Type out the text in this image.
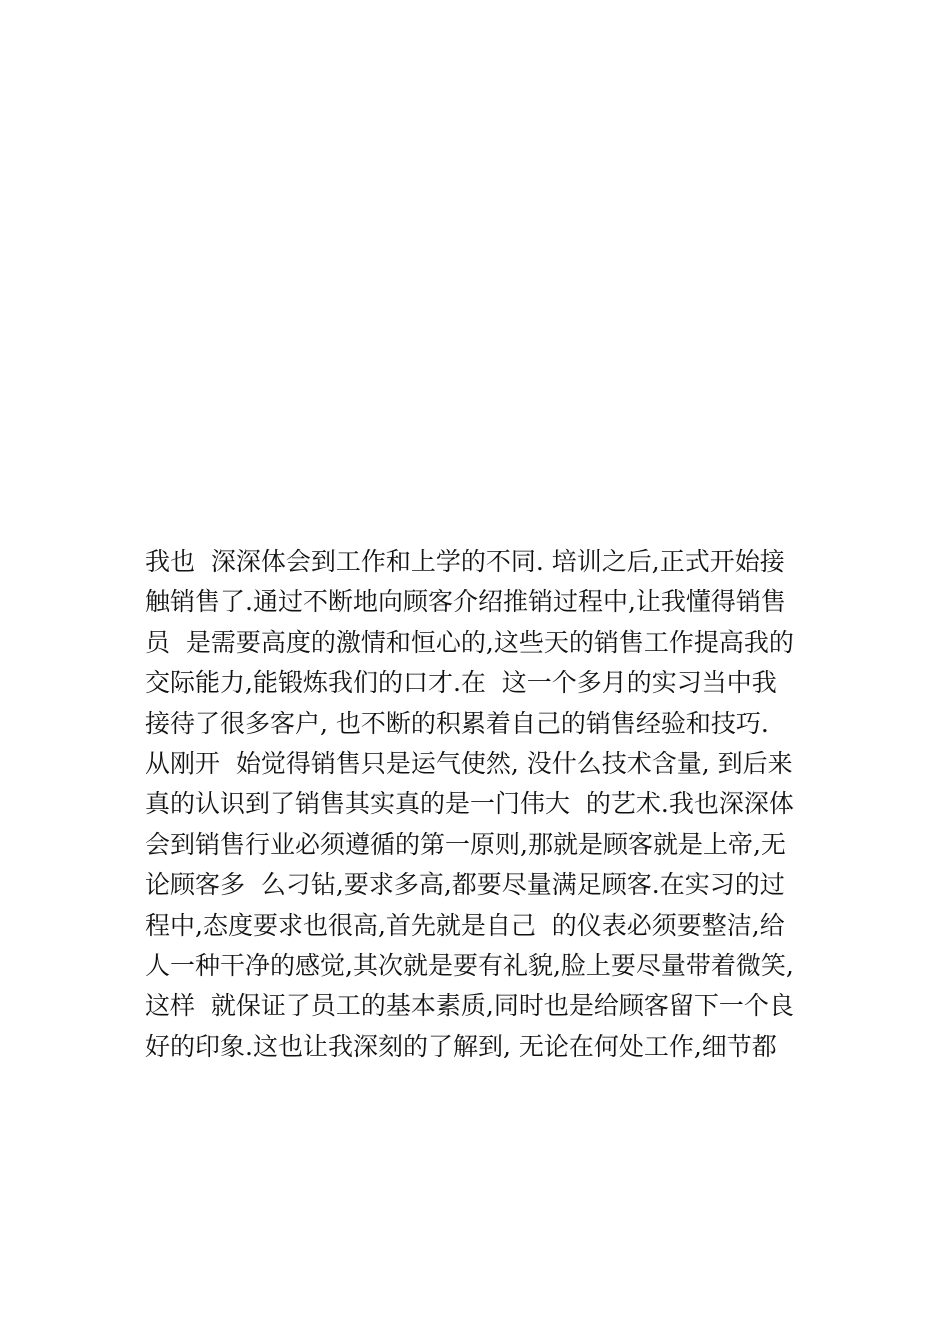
我也  深深体会到工作和上学的不同. 培训之后,正式开始接
触销售了.通过不断地向顾客介绍推销过程中,让我懂得销售
员  是需要高度的激情和恒心的,这些天的销售工作提高我的
交际能力,能锻炼我们的口才.在  这一个多月的实习当中我
接待了很多客户, 也不断的积累着自己的销售经验和技巧.
从刚开  始觉得销售只是运气使然, 没什么技术含量, 到后来
真的认识到了销售其实真的是一门伟大  的艺术.我也深深体
会到销售行业必须遵循的第一原则,那就是顾客就是上帝,无
论顾客多  么刁钻,要求多高,都要尽量满足顾客.在实习的过
程中,态度要求也很高,首先就是自己  的仪表必须要整洁,给
人一种干净的感觉,其次就是要有礼貌,脸上要尽量带着微笑,
这样  就保证了员工的基本素质,同时也是给顾客留下一个良
好的印象.这也让我深刻的了解到, 无论在何处工作,细节都
